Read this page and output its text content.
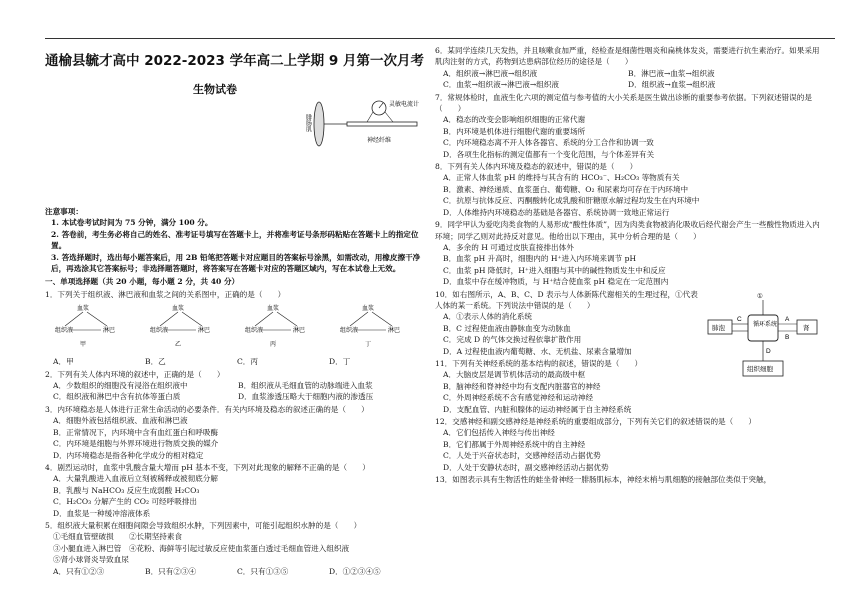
通榆县毓才高中 2022-2023 学年高二上学期 9 月第一次月考
生物试卷
腓肠肌
灵敏电流计
神经纤维
注意事项：
1. 本试卷考试时间为 75 分钟，满分 100 分。
2. 答卷前，考生务必将自己的姓名、准考证号填写在答题卡上，并将准考证号条形码粘贴在答题卡上的指定位置。
3. 答选择题时，选出每小题答案后，用 2B 铅笔把答题卡对应题目的答案标号涂黑，如需改动，用橡皮擦干净后，再选涂其它答案标号；非选择题答题时，将答案写在答题卡对应的答题区域内，写在本试卷上无效。
一、单项选择题（共 20 小题，每小题 2 分，共 40 分）
1．下列关于组织液、淋巴液和血浆之间的关系图中，正确的是（　　）
血浆
组织液	淋巴
甲
血浆
组织液	淋巴
乙
血浆
组织液	淋巴
丙
血浆
组织液	淋巴
丁
A．甲	B．乙	C．丙	D．丁
2．下列有关人体内环境的叙述中，正确的是（　　）
A．少数组织的细胞没有浸浴在组织液中	B．组织液从毛细血管的动脉端进入血浆
C．组织液和淋巴中含有抗体等蛋白质	D．血浆渗透压略大于细胞内液的渗透压
3．内环境稳态是人体进行正常生命活动的必要条件．有关内环境及稳态的叙述正确的是（　　）
A．细胞外液包括组织液、血液和淋巴液
B．正常情况下，内环境中含有血红蛋白和呼吸酶
C．内环境是细胞与外界环境进行物质交换的媒介
D．内环境稳态是指各种化学成分的相对稳定
4．剧烈运动时，血浆中乳酸含量大增而 pH 基本不变，下列对此现象的解释不正确的是（　　）
A．大量乳酸进入血液后立刻被稀释或被彻底分解
B．乳酸与 NaHCO₃ 反应生成弱酸 H₂CO₃
C．H₂CO₃ 分解产生的 CO₂ 可经呼吸排出
D．血浆是一种缓冲溶液体系
5．组织液大量积累在细胞间隙会导致组织水肿，下列因素中，可能引起组织水肿的是（　　）
①毛细血管壁破损　　 ②长期坚持素食
③小腿血进入淋巴管　 ④花粉、海鲜等引起过敏反应使血浆蛋白透过毛细血管进入组织液
⑤肾小球肾炎导致血尿
A．只有①②③	B．只有②③④	C．只有①③⑤	D．①②③④⑤
6．某同学连续几天发热，并且咳嗽食加严重，经检查是细菌性咽炎和扁桃体发炎，需要进行抗生素治疗。如果采用肌肉注射的方式，药物到达患病部位经历的途径是（　　）
A．组织液→淋巴液→组织液	B．淋巴液→血浆→组织液
C．血浆→组织液→淋巴液→组织液	D．组织液→血浆→组织液
7．常规体检时，血液生化六项的测定值与参考值的大小关系是医生做出诊断的重要参考依据。下列叙述错误的是（　　）
A．稳态的改变会影响组织细胞的正常代谢
B．内环境是机体进行细胞代谢的重要场所
C．内环境稳态离不开人体各器官、系统的分工合作和协调一致
D．各项生化指标的测定值都有一个变化范围，与个体差异有关
8．下列有关人体内环境及稳态的叙述中，错误的是（　　）
A．正常人体血浆 pH 的维持与其含有的 HCO₃⁻、H₂CO₃ 等物质有关
B．激素、神经递质、血浆蛋白、葡萄糖、O₂ 和尿素均可存在于内环境中
C．抗原与抗体反应、丙酮酸转化成乳酸和肝糖原水解过程均发生在内环境中
D．人体维持内环境稳态的基础是各器官、系统协调一致地正常运行
9．同学甲认为爱吃肉类食物的人易形成“酸性体质”，因为肉类食物被消化吸收后经代谢会产生一些酸性物质进入内环境；同学乙则对此持反对意见。他给出以下理由，其中分析合理的是（　　）
A．多余的 H 可通过皮肤直接排出体外
B．血浆 pH 升高时，细胞内的 H⁺进入内环境来调节 pH
C．血浆 pH 降低时，H⁺进入细胞与其中的碱性物质发生中和反应
D．血浆中存在缓冲物质，与 H⁺结合使血浆 pH 稳定在一定范围内
10．如右图所示，A、B、C、D 表示与人体新陈代谢相关的生理过程，①代表人体的某一系统。下列说法中错误的是（　　）
A．①表示人体的消化系统
B．C 过程使血液由静脉血变为动脉血
C．完成 D 的气体交换过程依靠扩散作用
D．A 过程使血液内葡萄糖、水、无机盐、尿素含量增加
①
循环系统
肺泡	肾
C	A
B
D
组织细胞
11．下列有关神经系统的基本结构的叙述，错误的是（　　）
A．大脑皮层是调节机体活动的最高级中枢
B．脑神经和脊神经中均有支配内脏器官的神经
C．外周神经系统不含有感觉神经和运动神经
D．支配血管、内脏和腺体的运动神经属于自主神经系统
12．交感神经和副交感神经是神经系统的重要组成部分，下列有关它们的叙述错误的是（　　）
A．它们包括传入神经与传出神经
B．它们都属于外周神经系统中的自主神经
C．人处于兴奋状态时，交感神经活动占据优势
D．人处于安静状态时，副交感神经活动占据优势
13．如图表示具有生物活性的蛙坐骨神经一腓肠肌标本，神经末梢与肌细胞的接触部位类似于突触，
